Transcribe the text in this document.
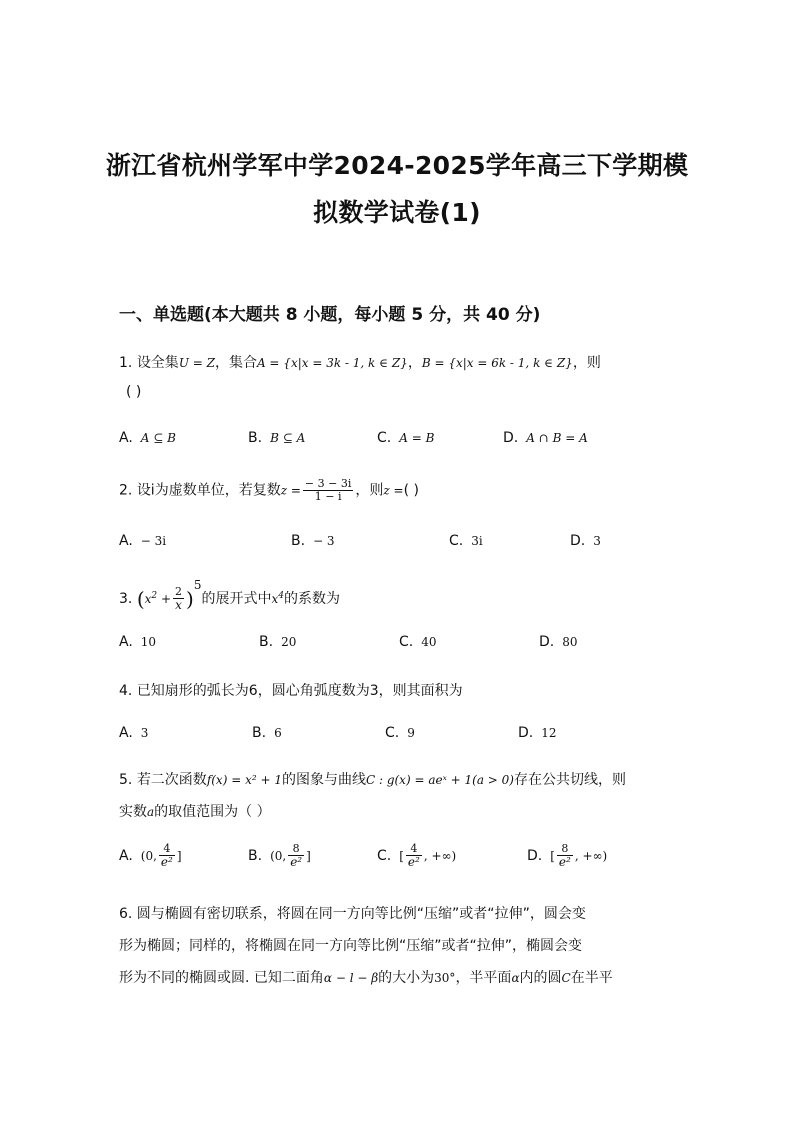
浙江省杭州学军中学2024-2025学年高三下学期模
拟数学试卷(1)
一、单选题(本大题共 8 小题，每小题 5 分，共 40 分)
1. 设全集U = Z，集合A = {x|x = 3k - 1, k ∈ Z}，B = {x|x = 6k - 1, k ∈ Z}，则
( )
A. A ⊆ B	B. B ⊆ A	C. A = B	D. A ∩ B = A
2. 设i为虚数单位，若复数$z = \frac{- 3 - 3i}{1 - i}$ ，则z =( )
A. − 3i	B. − 3	C. 3i	D. 3
3. $(x^2 + \frac{2}{x} )^5$的展开式中$x^4$的系数为
A. 10	B. 20	C. 40	D. 80
4. 已知扇形的弧长为6，圆心角弧度数为3，则其面积为
A. 3	B. 6	C. 9	D. 12
5. 若二次函数f(x) = x² + 1的图象与曲线C : g(x) = aeˣ + 1(a > 0)存在公共切线，则
实数a的取值范围为（ ）
A. (0, $\frac{4}{\text{e²}}$ ]	B. (0, $\frac{8}{\text{e²}}$ ]	C. [ $\frac{4}{\text{e²}}$ , +∞)	D. [ $\frac{8}{\text{e²}}$ , +∞)
6. 圆与椭圆有密切联系，将圆在同一方向等比例“压缩”或者“拉伸”，圆会变
形为椭圆；同样的，将椭圆在同一方向等比例“压缩”或者“拉伸”，椭圆会变
形为不同的椭圆或圆. 已知二面角α − l − β的大小为30°，半平面α内的圆C在半平
